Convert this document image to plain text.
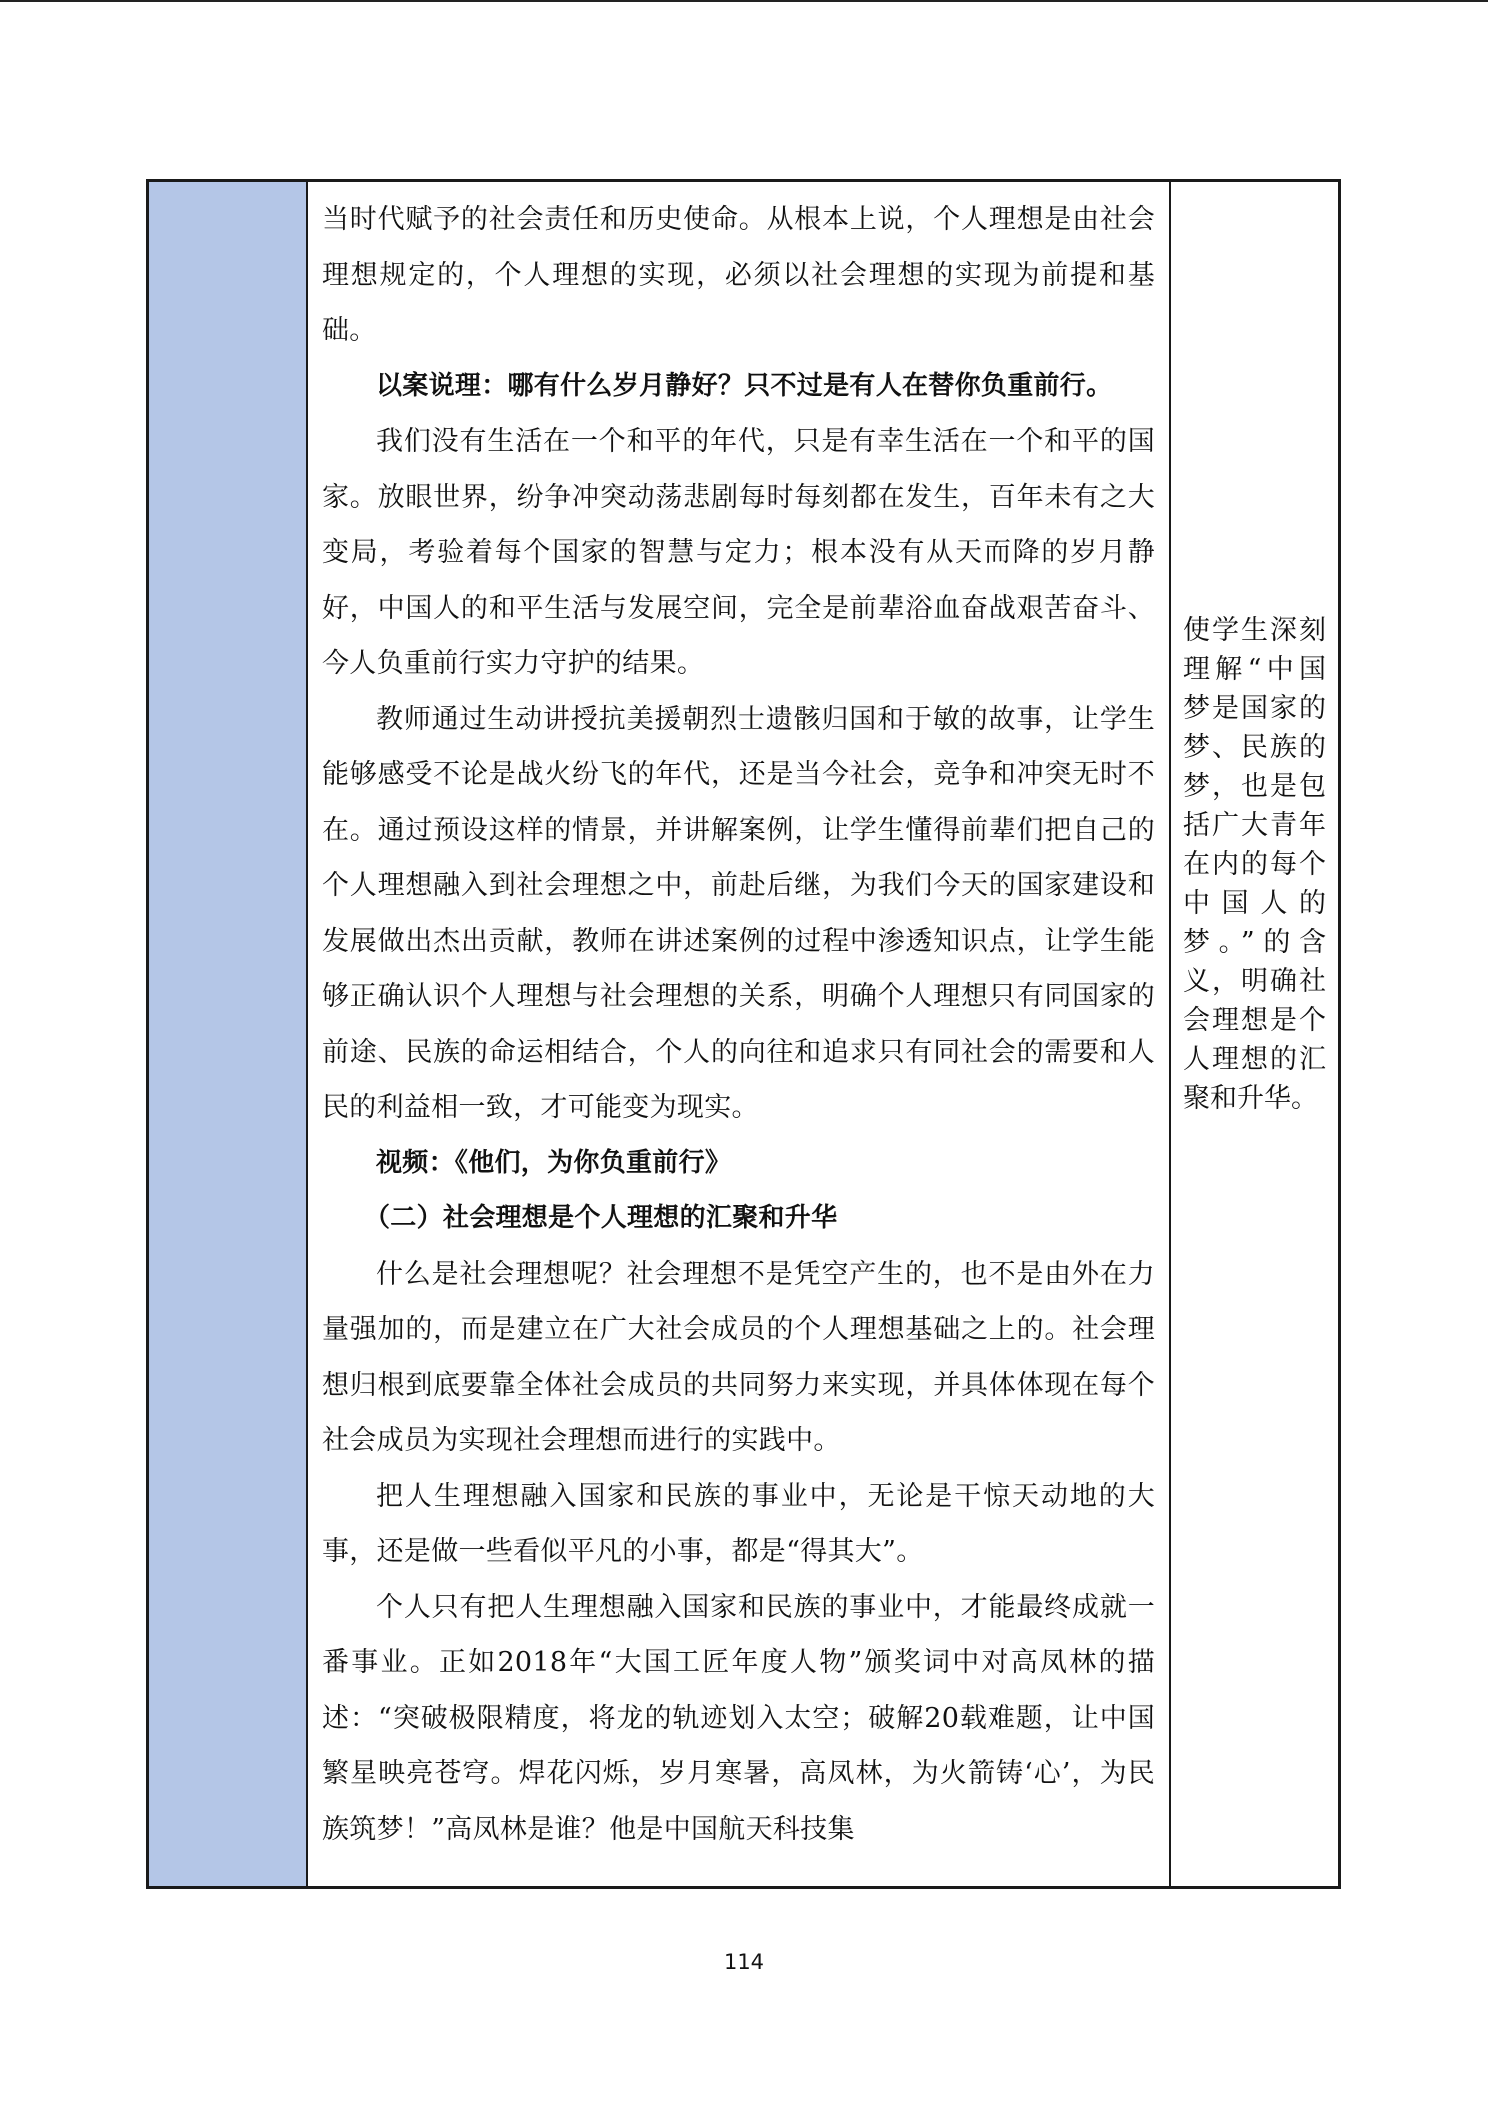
当时代赋予的社会责任和历史使命。从根本上说，个人理想是由社会理想规定的，个人理想的实现，必须以社会理想的实现为前提和基础。

以案说理：哪有什么岁月静好？只不过是有人在替你负重前行。

我们没有生活在一个和平的年代，只是有幸生活在一个和平的国家。放眼世界，纷争冲突动荡悲剧每时每刻都在发生，百年未有之大变局，考验着每个国家的智慧与定力；根本没有从天而降的岁月静好，中国人的和平生活与发展空间，完全是前辈浴血奋战艰苦奋斗、今人负重前行实力守护的结果。

教师通过生动讲授抗美援朝烈士遗骸归国和于敏的故事，让学生能够感受不论是战火纷飞的年代，还是当今社会，竞争和冲突无时不在。通过预设这样的情景，并讲解案例，让学生懂得前辈们把自己的个人理想融入到社会理想之中，前赴后继，为我们今天的国家建设和发展做出杰出贡献，教师在讲述案例的过程中渗透知识点，让学生能够正确认识个人理想与社会理想的关系，明确个人理想只有同国家的前途、民族的命运相结合，个人的向往和追求只有同社会的需要和人民的利益相一致，才可能变为现实。

视频：《他们，为你负重前行》

（二）社会理想是个人理想的汇聚和升华

什么是社会理想呢？社会理想不是凭空产生的，也不是由外在力量强加的，而是建立在广大社会成员的个人理想基础之上的。社会理想归根到底要靠全体社会成员的共同努力来实现，并具体体现在每个社会成员为实现社会理想而进行的实践中。

把人生理想融入国家和民族的事业中，无论是干惊天动地的大事，还是做一些看似平凡的小事，都是“得其大”。

个人只有把人生理想融入国家和民族的事业中，才能最终成就一番事业。正如2018年“大国工匠年度人物”颁奖词中对高凤林的描述：“突破极限精度，将龙的轨迹划入太空；破解20载难题，让中国繁星映亮苍穹。焊花闪烁，岁月寒暑，高凤林，为火箭铸‘心’，为民族筑梦！”高凤林是谁？他是中国航天科技集

使学生深刻理解“中国梦是国家的梦、民族的梦，也是包括广大青年在内的每个中国人的梦。”的含义，明确社会理想是个人理想的汇聚和升华。

114
